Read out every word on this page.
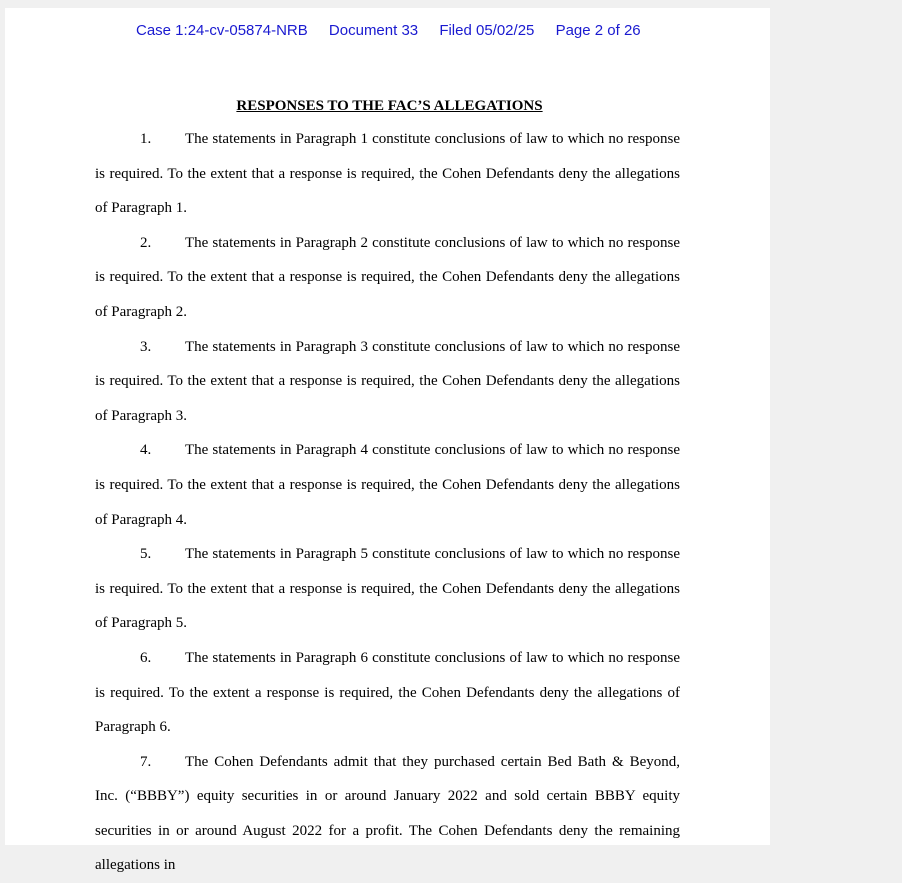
Case 1:24-cv-05874-NRB Document 33 Filed 05/02/25 Page 2 of 26
RESPONSES TO THE FAC’S ALLEGATIONS

1. The statements in Paragraph 1 constitute conclusions of law to which no response is required. To the extent that a response is required, the Cohen Defendants deny the allegations of Paragraph 1.

2. The statements in Paragraph 2 constitute conclusions of law to which no response is required. To the extent that a response is required, the Cohen Defendants deny the allegations of Paragraph 2.

3. The statements in Paragraph 3 constitute conclusions of law to which no response is required. To the extent that a response is required, the Cohen Defendants deny the allegations of Paragraph 3.

4. The statements in Paragraph 4 constitute conclusions of law to which no response is required. To the extent that a response is required, the Cohen Defendants deny the allegations of Paragraph 4.

5. The statements in Paragraph 5 constitute conclusions of law to which no response is required. To the extent that a response is required, the Cohen Defendants deny the allegations of Paragraph 5.

6. The statements in Paragraph 6 constitute conclusions of law to which no response is required. To the extent a response is required, the Cohen Defendants deny the allegations of Paragraph 6.

7. The Cohen Defendants admit that they purchased certain Bed Bath & Beyond, Inc. (“BBBY”) equity securities in or around January 2022 and sold certain BBBY equity securities in or around August 2022 for a profit. The Cohen Defendants deny the remaining allegations in
